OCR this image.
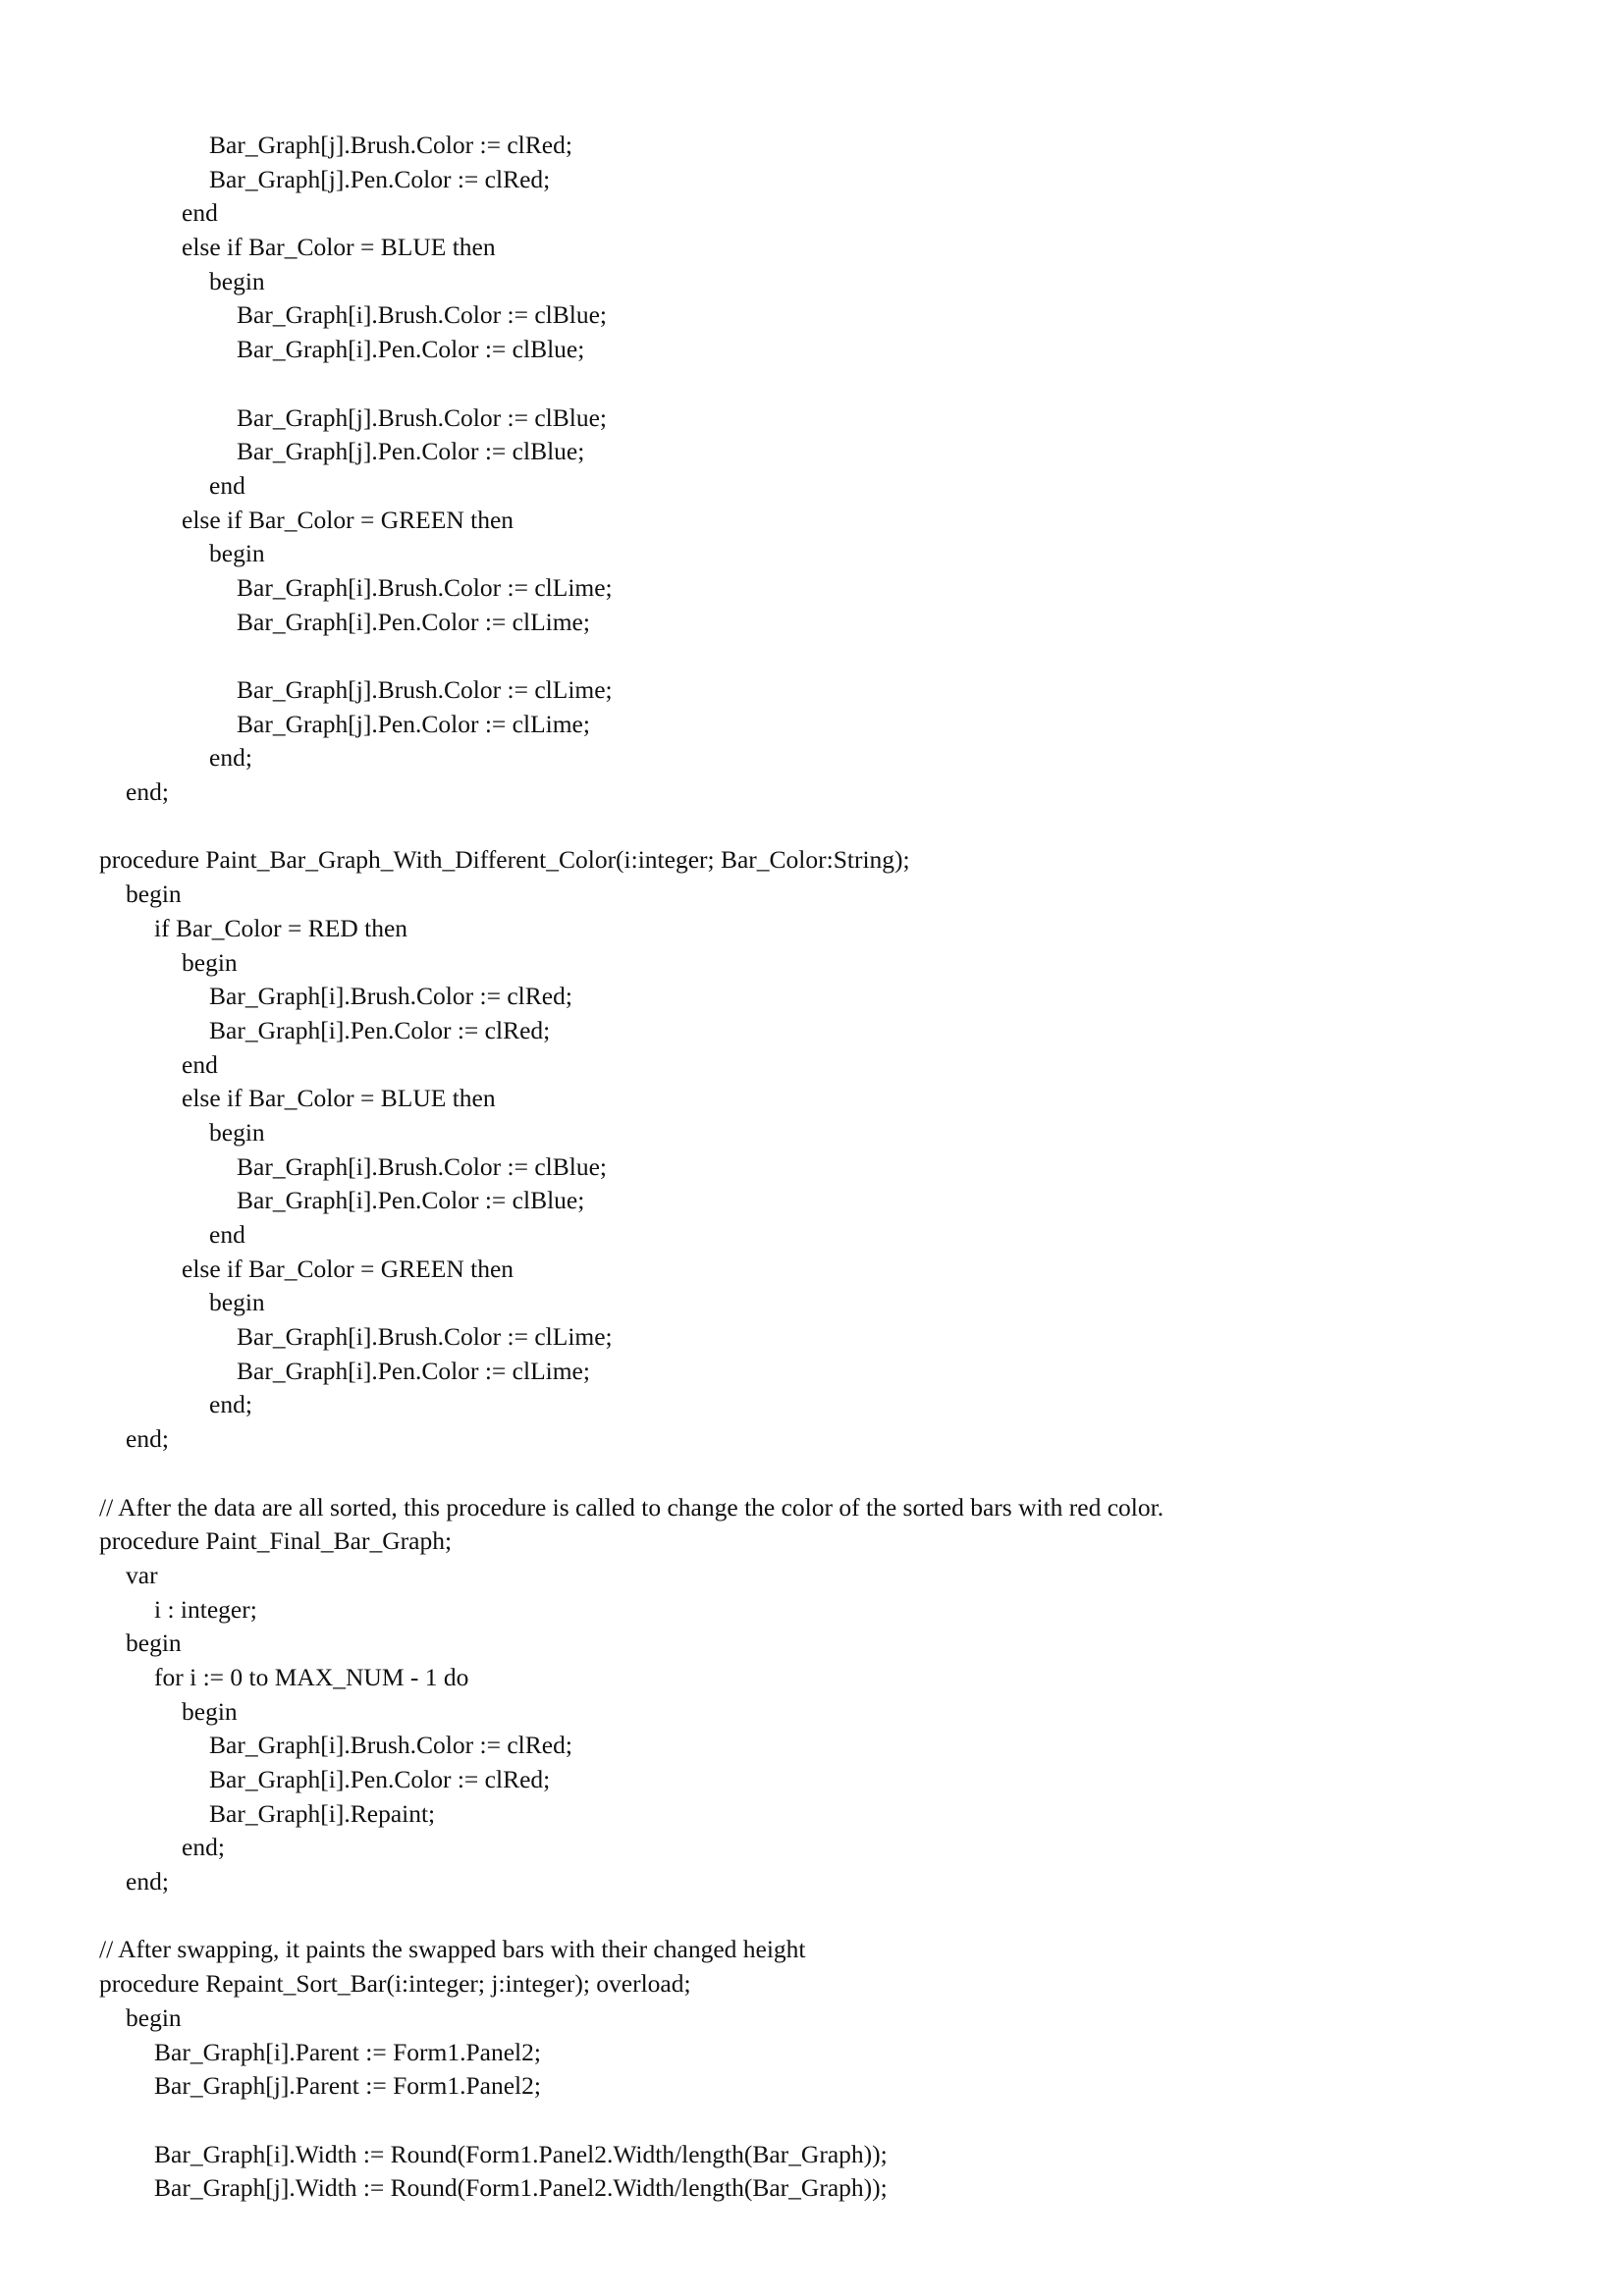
Bar_Graph[j].Brush.Color := clRed;
Bar_Graph[j].Pen.Color := clRed;
end
else if Bar_Color = BLUE then
begin
Bar_Graph[i].Brush.Color := clBlue;
Bar_Graph[i].Pen.Color := clBlue;
Bar_Graph[j].Brush.Color := clBlue;
Bar_Graph[j].Pen.Color := clBlue;
end
else if Bar_Color = GREEN then
begin
Bar_Graph[i].Brush.Color := clLime;
Bar_Graph[i].Pen.Color := clLime;
Bar_Graph[j].Brush.Color := clLime;
Bar_Graph[j].Pen.Color := clLime;
end;
end;
procedure Paint_Bar_Graph_With_Different_Color(i:integer; Bar_Color:String);
begin
if Bar_Color = RED then
begin
Bar_Graph[i].Brush.Color := clRed;
Bar_Graph[i].Pen.Color := clRed;
end
else if Bar_Color = BLUE then
begin
Bar_Graph[i].Brush.Color := clBlue;
Bar_Graph[i].Pen.Color := clBlue;
end
else if Bar_Color = GREEN then
begin
Bar_Graph[i].Brush.Color := clLime;
Bar_Graph[i].Pen.Color := clLime;
end;
end;
// After the data are all sorted, this procedure is called to change the color of the sorted bars with red color.
procedure Paint_Final_Bar_Graph;
var
i : integer;
begin
for i := 0 to MAX_NUM - 1 do
begin
Bar_Graph[i].Brush.Color := clRed;
Bar_Graph[i].Pen.Color := clRed;
Bar_Graph[i].Repaint;
end;
end;
// After swapping, it paints the swapped bars with their changed height
procedure Repaint_Sort_Bar(i:integer; j:integer); overload;
begin
Bar_Graph[i].Parent := Form1.Panel2;
Bar_Graph[j].Parent := Form1.Panel2;
Bar_Graph[i].Width := Round(Form1.Panel2.Width/length(Bar_Graph));
Bar_Graph[j].Width := Round(Form1.Panel2.Width/length(Bar_Graph));
